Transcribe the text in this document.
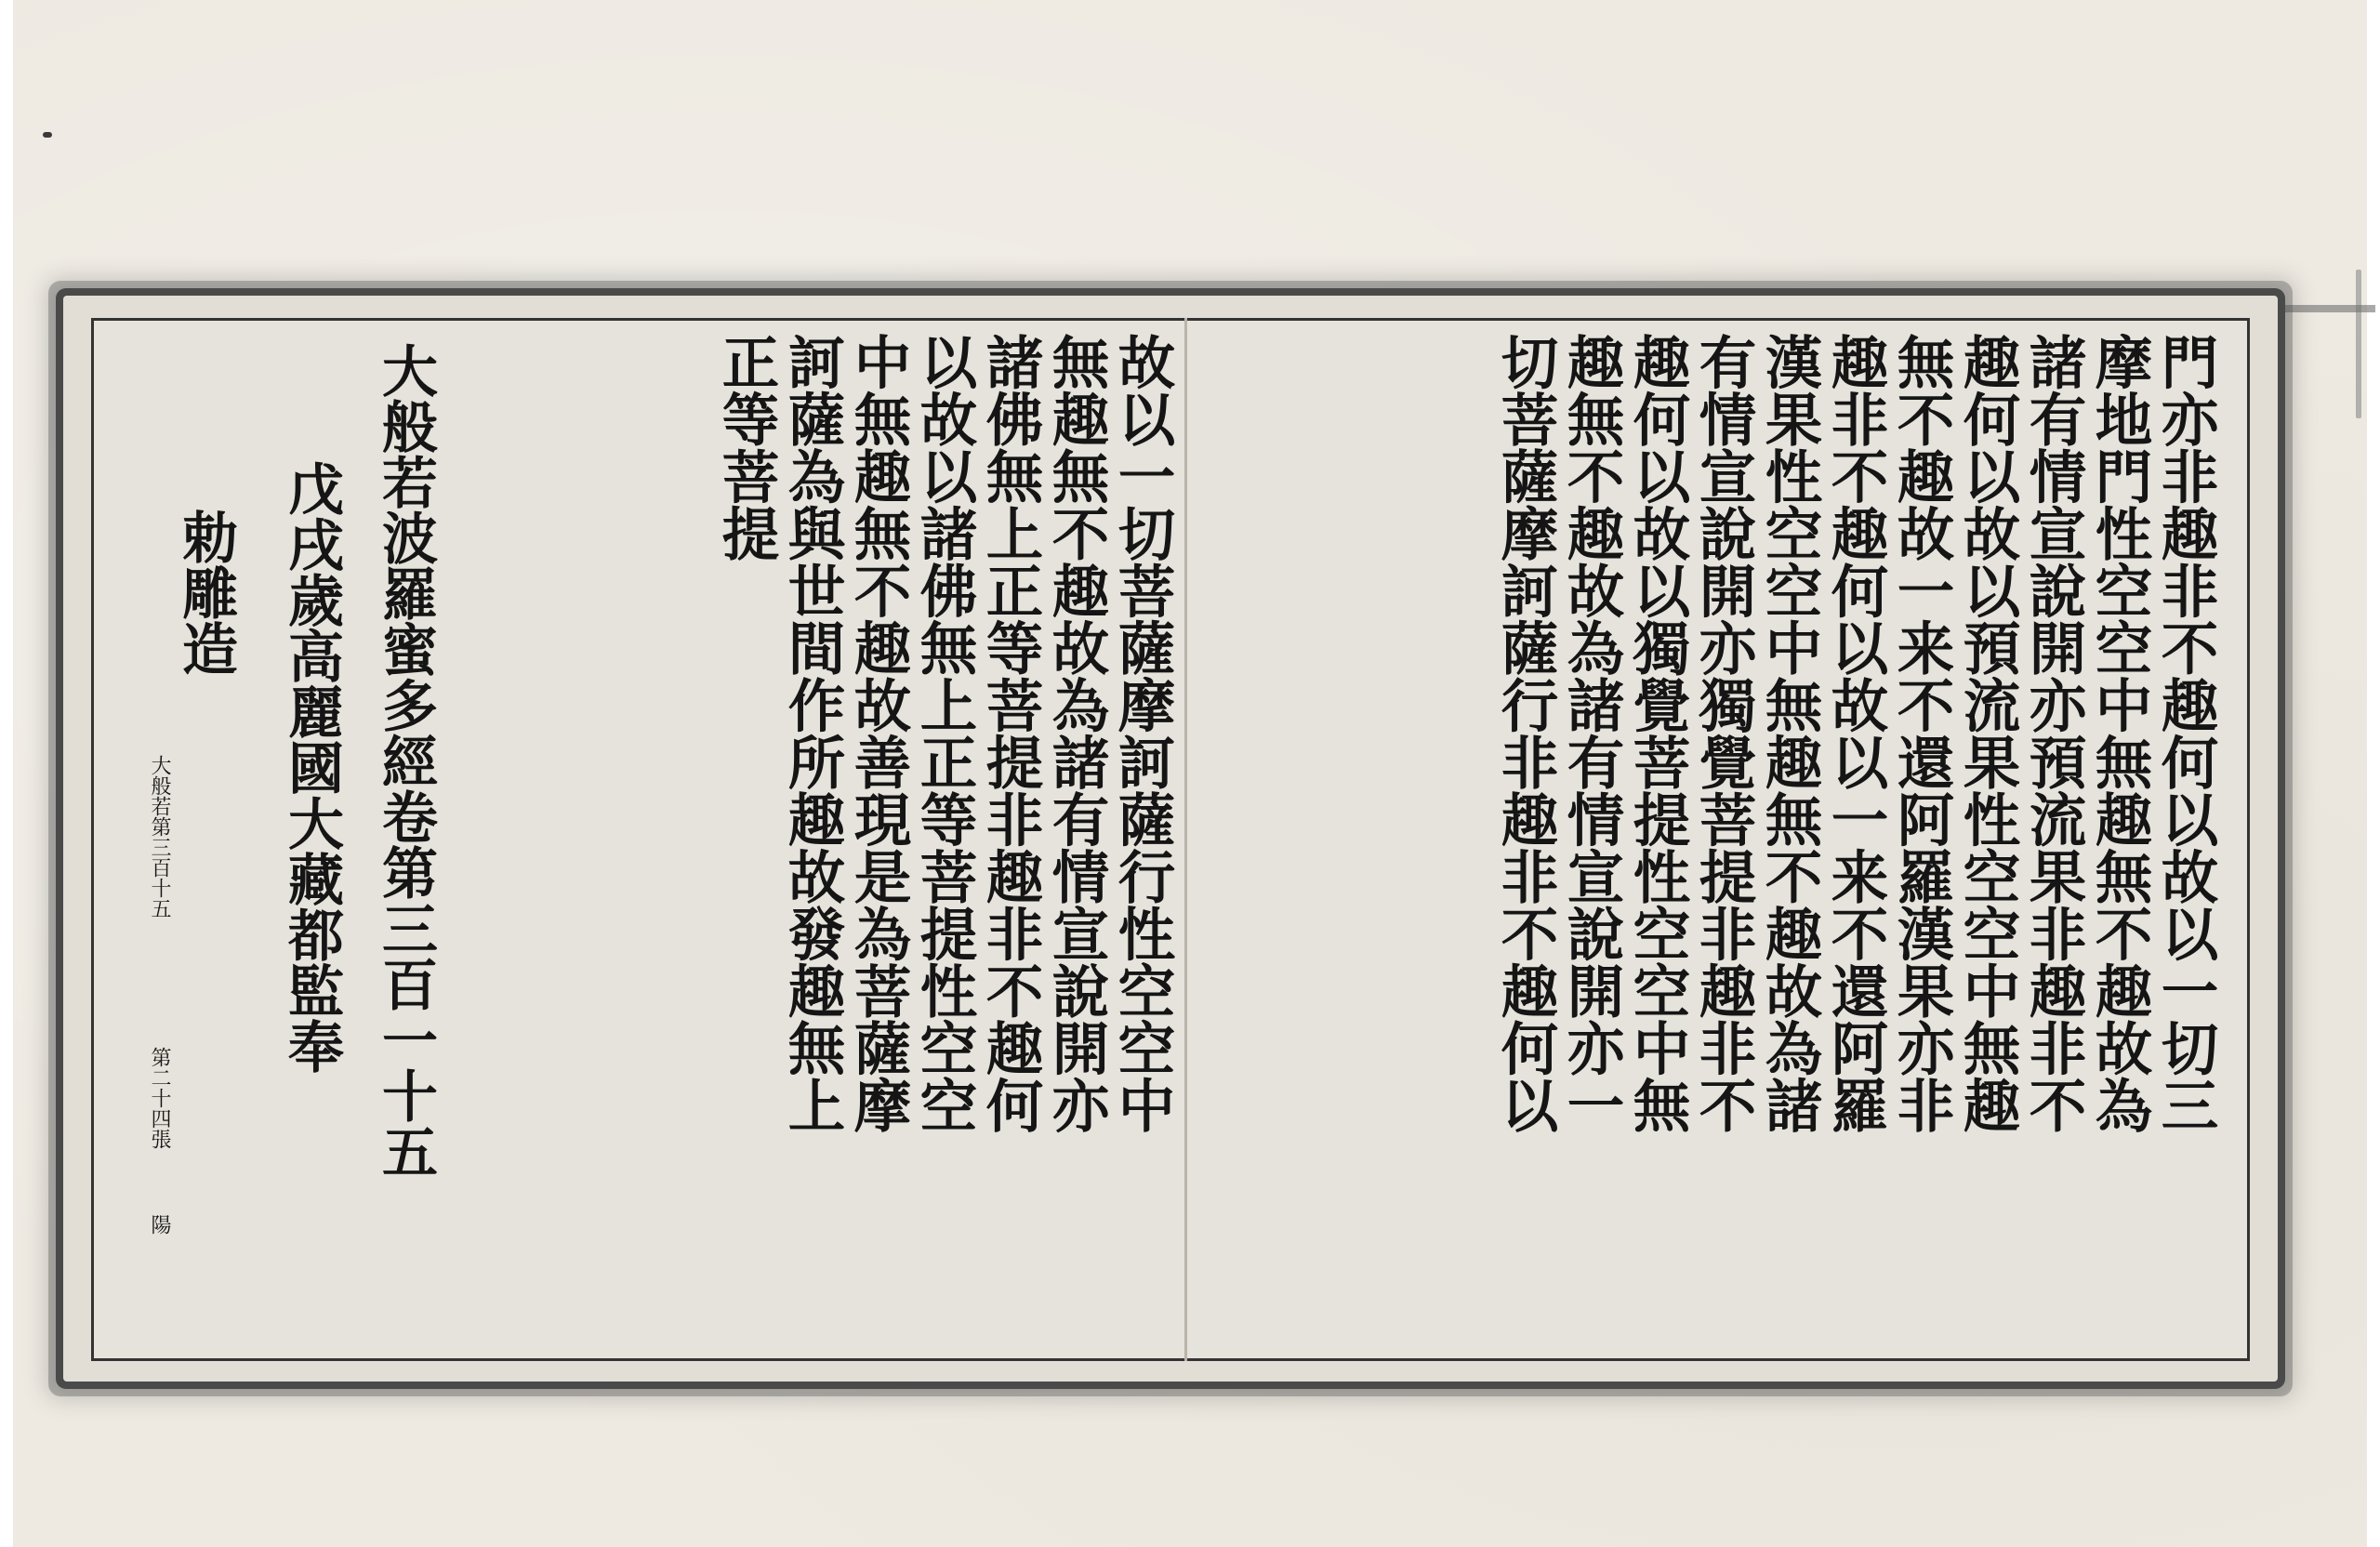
門亦非趣非不趣何以故以一切三
摩地門性空空中無趣無不趣故為
諸有情宣說開亦預流果非趣非不
趣何以故以預流果性空空中無趣
無不趣故一来不還阿羅漢果亦非
趣非不趣何以故以一来不還阿羅
漢果性空空中無趣無不趣故為諸
有情宣說開亦獨覺菩提非趣非不
趣何以故以獨覺菩提性空空中無
趣無不趣故為諸有情宣說開亦一
切菩薩摩訶薩行非趣非不趣何以
故以一切菩薩摩訶薩行性空空中
無趣無不趣故為諸有情宣說開亦
諸佛無上正等菩提非趣非不趣何
以故以諸佛無上正等菩提性空空
中無趣無不趣故善現是為菩薩摩
訶薩為與世間作所趣故發趣無上
正等菩提
大般若波羅蜜多經卷第三百一十五
戊戌歲高麗國大藏都監奉
勅雕造
大般若第三百十五
第二十四張
陽
